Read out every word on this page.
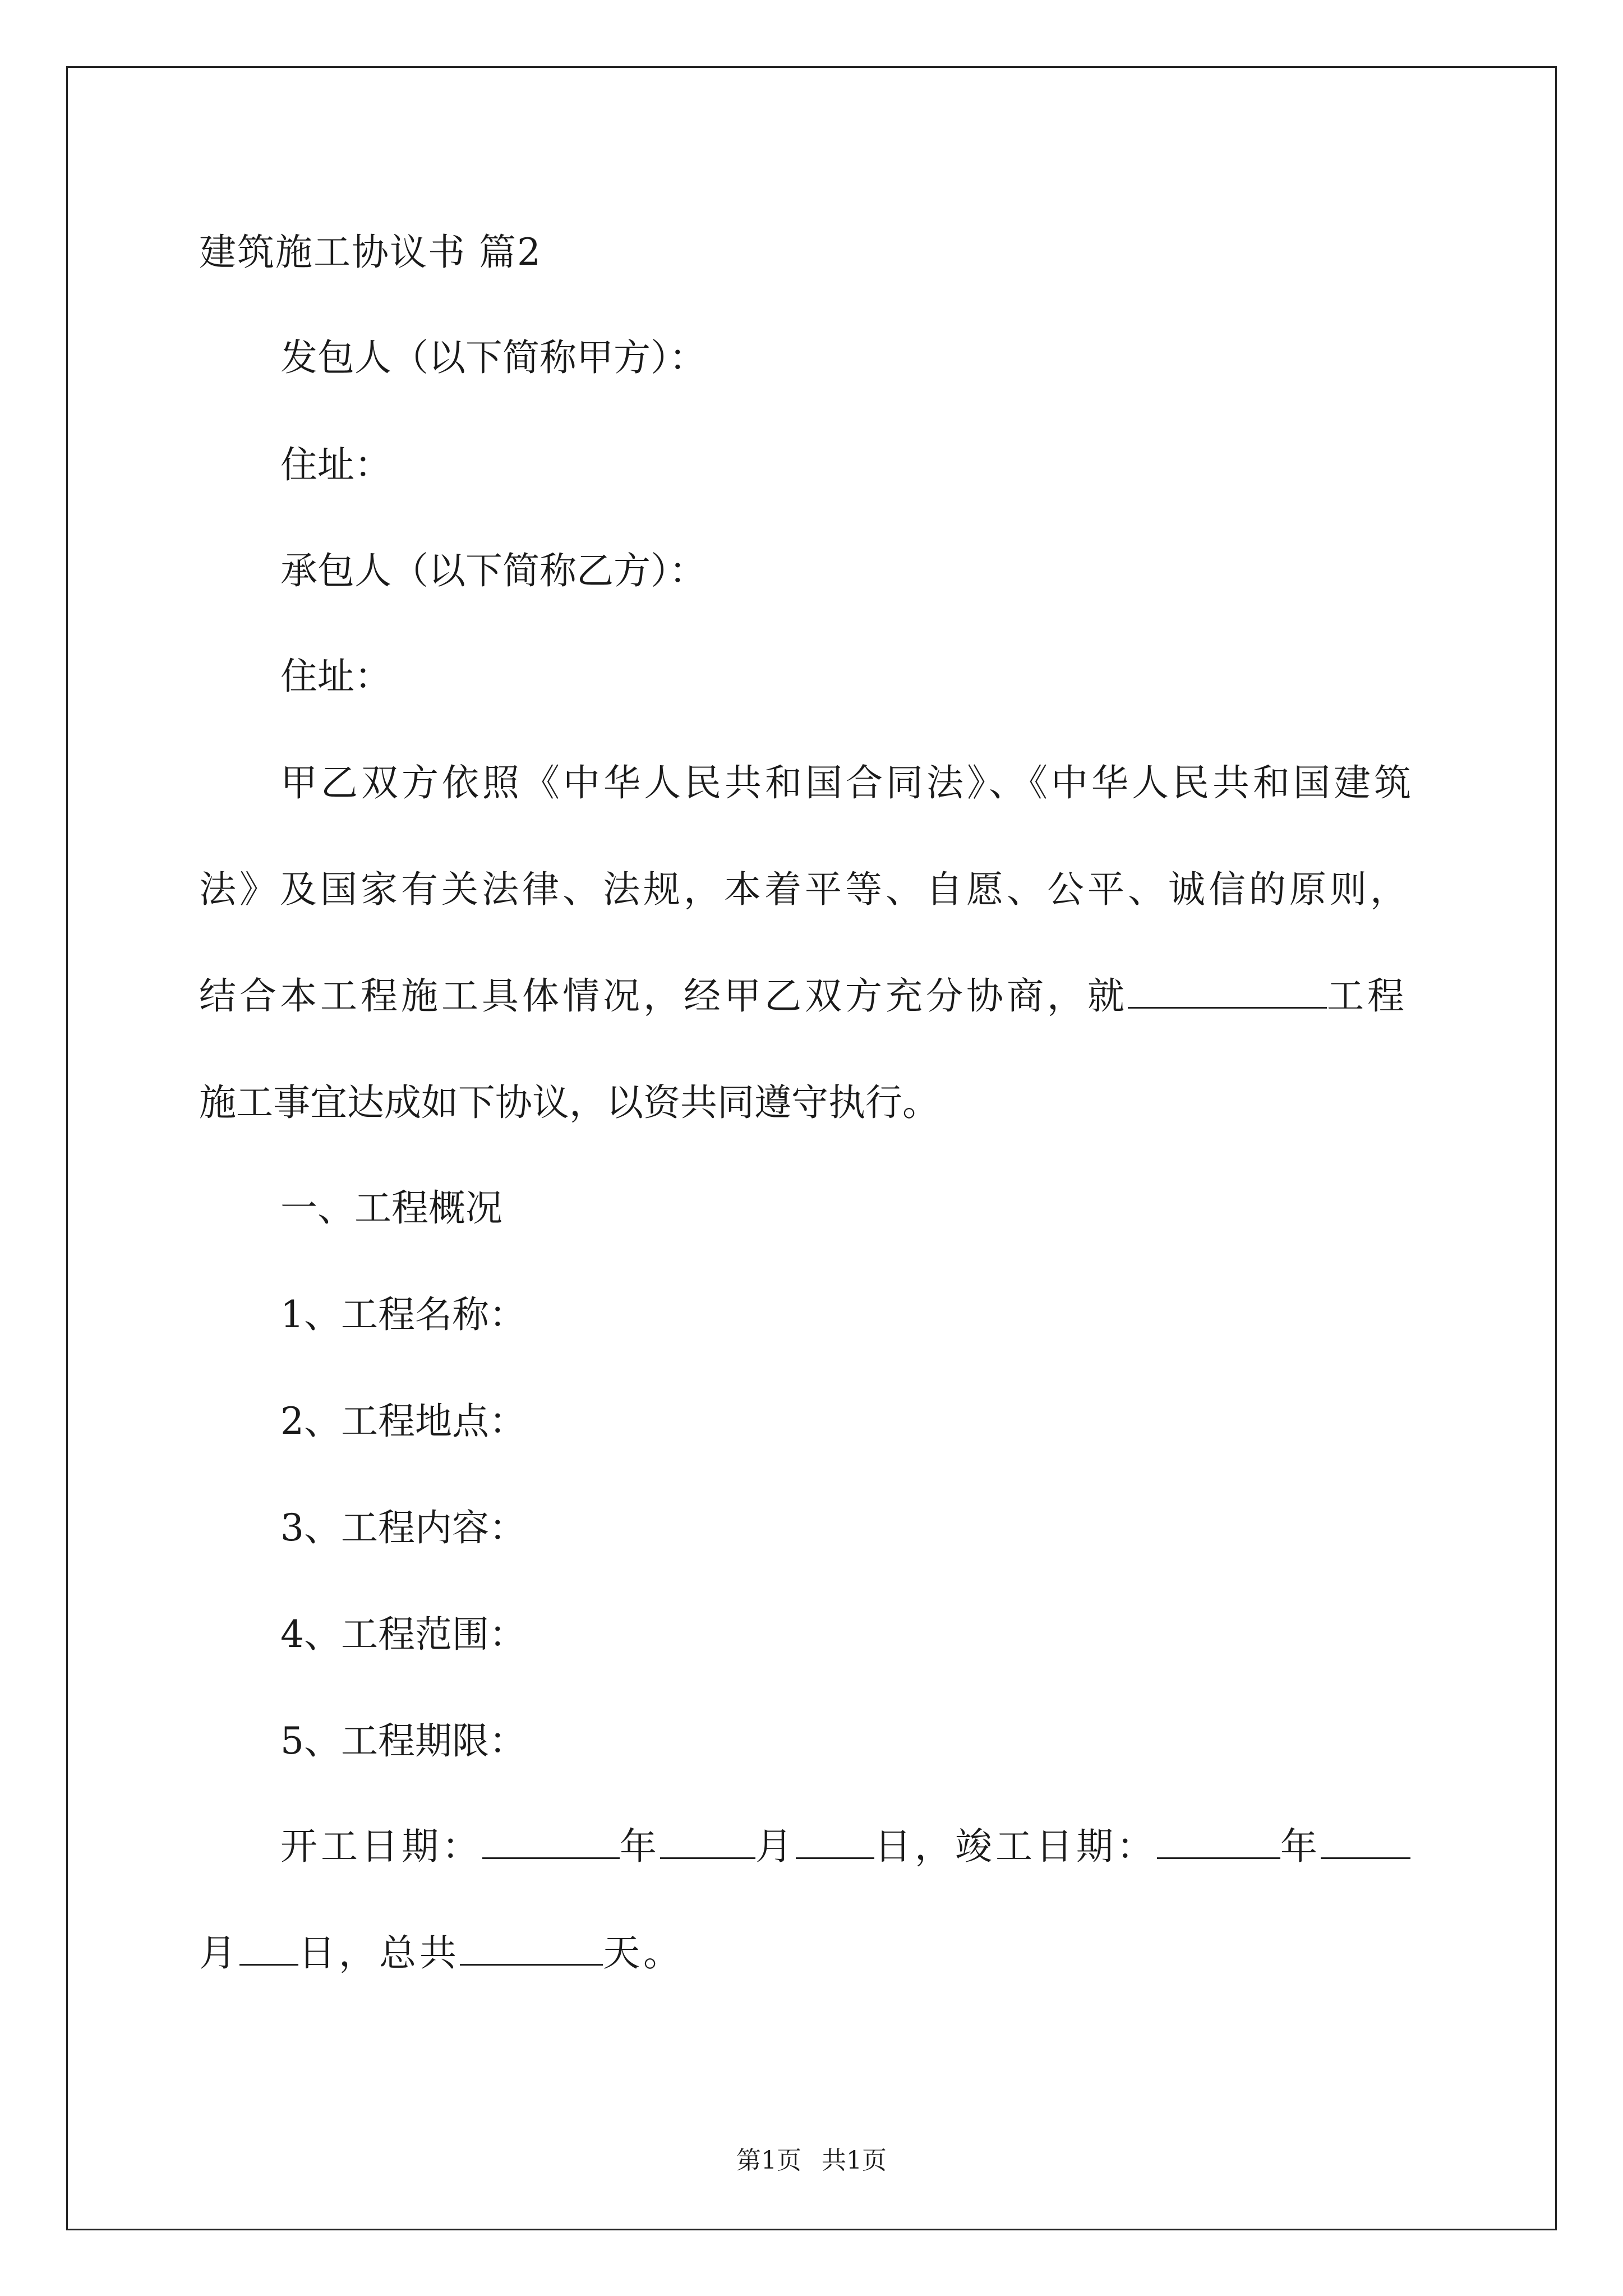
建筑施工协议书 篇2
发包人（以下简称甲方）：
住址：
承包人（以下简称乙方）：
住址：
甲乙双方依照《中华人民共和国合同法》、《中华人民共和国建筑
法》及国家有关法律、法规，本着平等、自愿、公平、诚信的原则，
结合本工程施工具体情况，经甲乙双方充分协商，就	工程
施工事宜达成如下协议，以资共同遵守执行。
一、工程概况
1、工程名称：
2、工程地点：
3、工程内容：
4、工程范围：
5、工程期限：
开工日期：	年	月 日，竣工日期：	年
月 日，总共	天。
第1页 共1页
